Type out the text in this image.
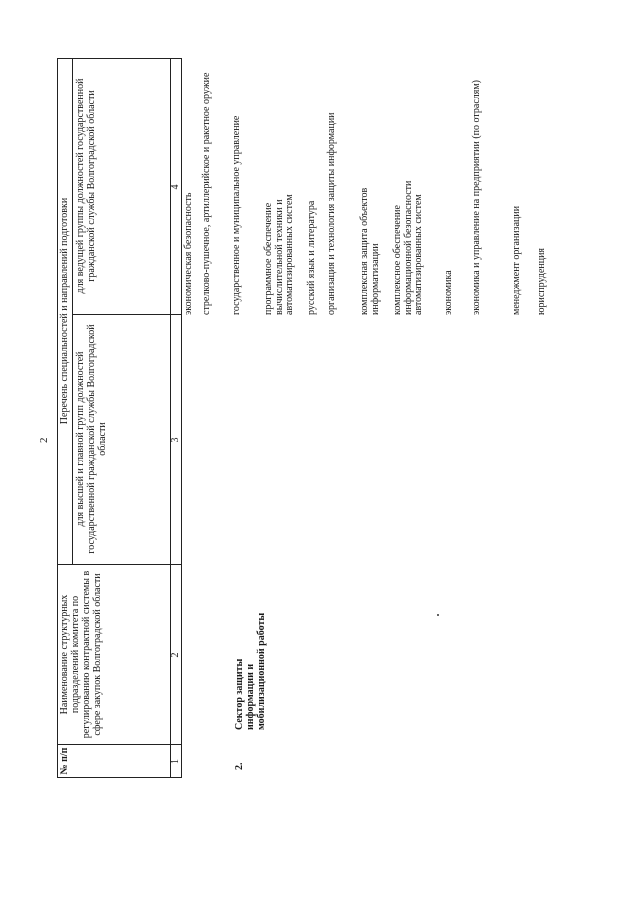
2
№ п/п
Наименование структурных подразделений комитета по регулированию контрактной системы в сфере закупок Волгоградской области
Перечень специальностей и направлений подготовки
для высшей и главной групп должностей государственной гражданской службы Волгоградской области
для ведущей группы должностей государственной гражданской службы Волгоградской области
1
2
3
4
2.
Сектор защиты информации и мобилизационной работы
экономическая безопасность стрелково-пушечное, артиллерийское и ракетное оружие государственное и муниципальное управление программное обеспечение вычислительной техники и автоматизированных систем русский язык и литература организация и технология защиты информации комплексная защита объектов информатизации комплексное обеспечение информационной безопасности автоматизированных систем экономика экономика и управление на предприятии (по отраслям)	менеджмент организации юриспруденция
